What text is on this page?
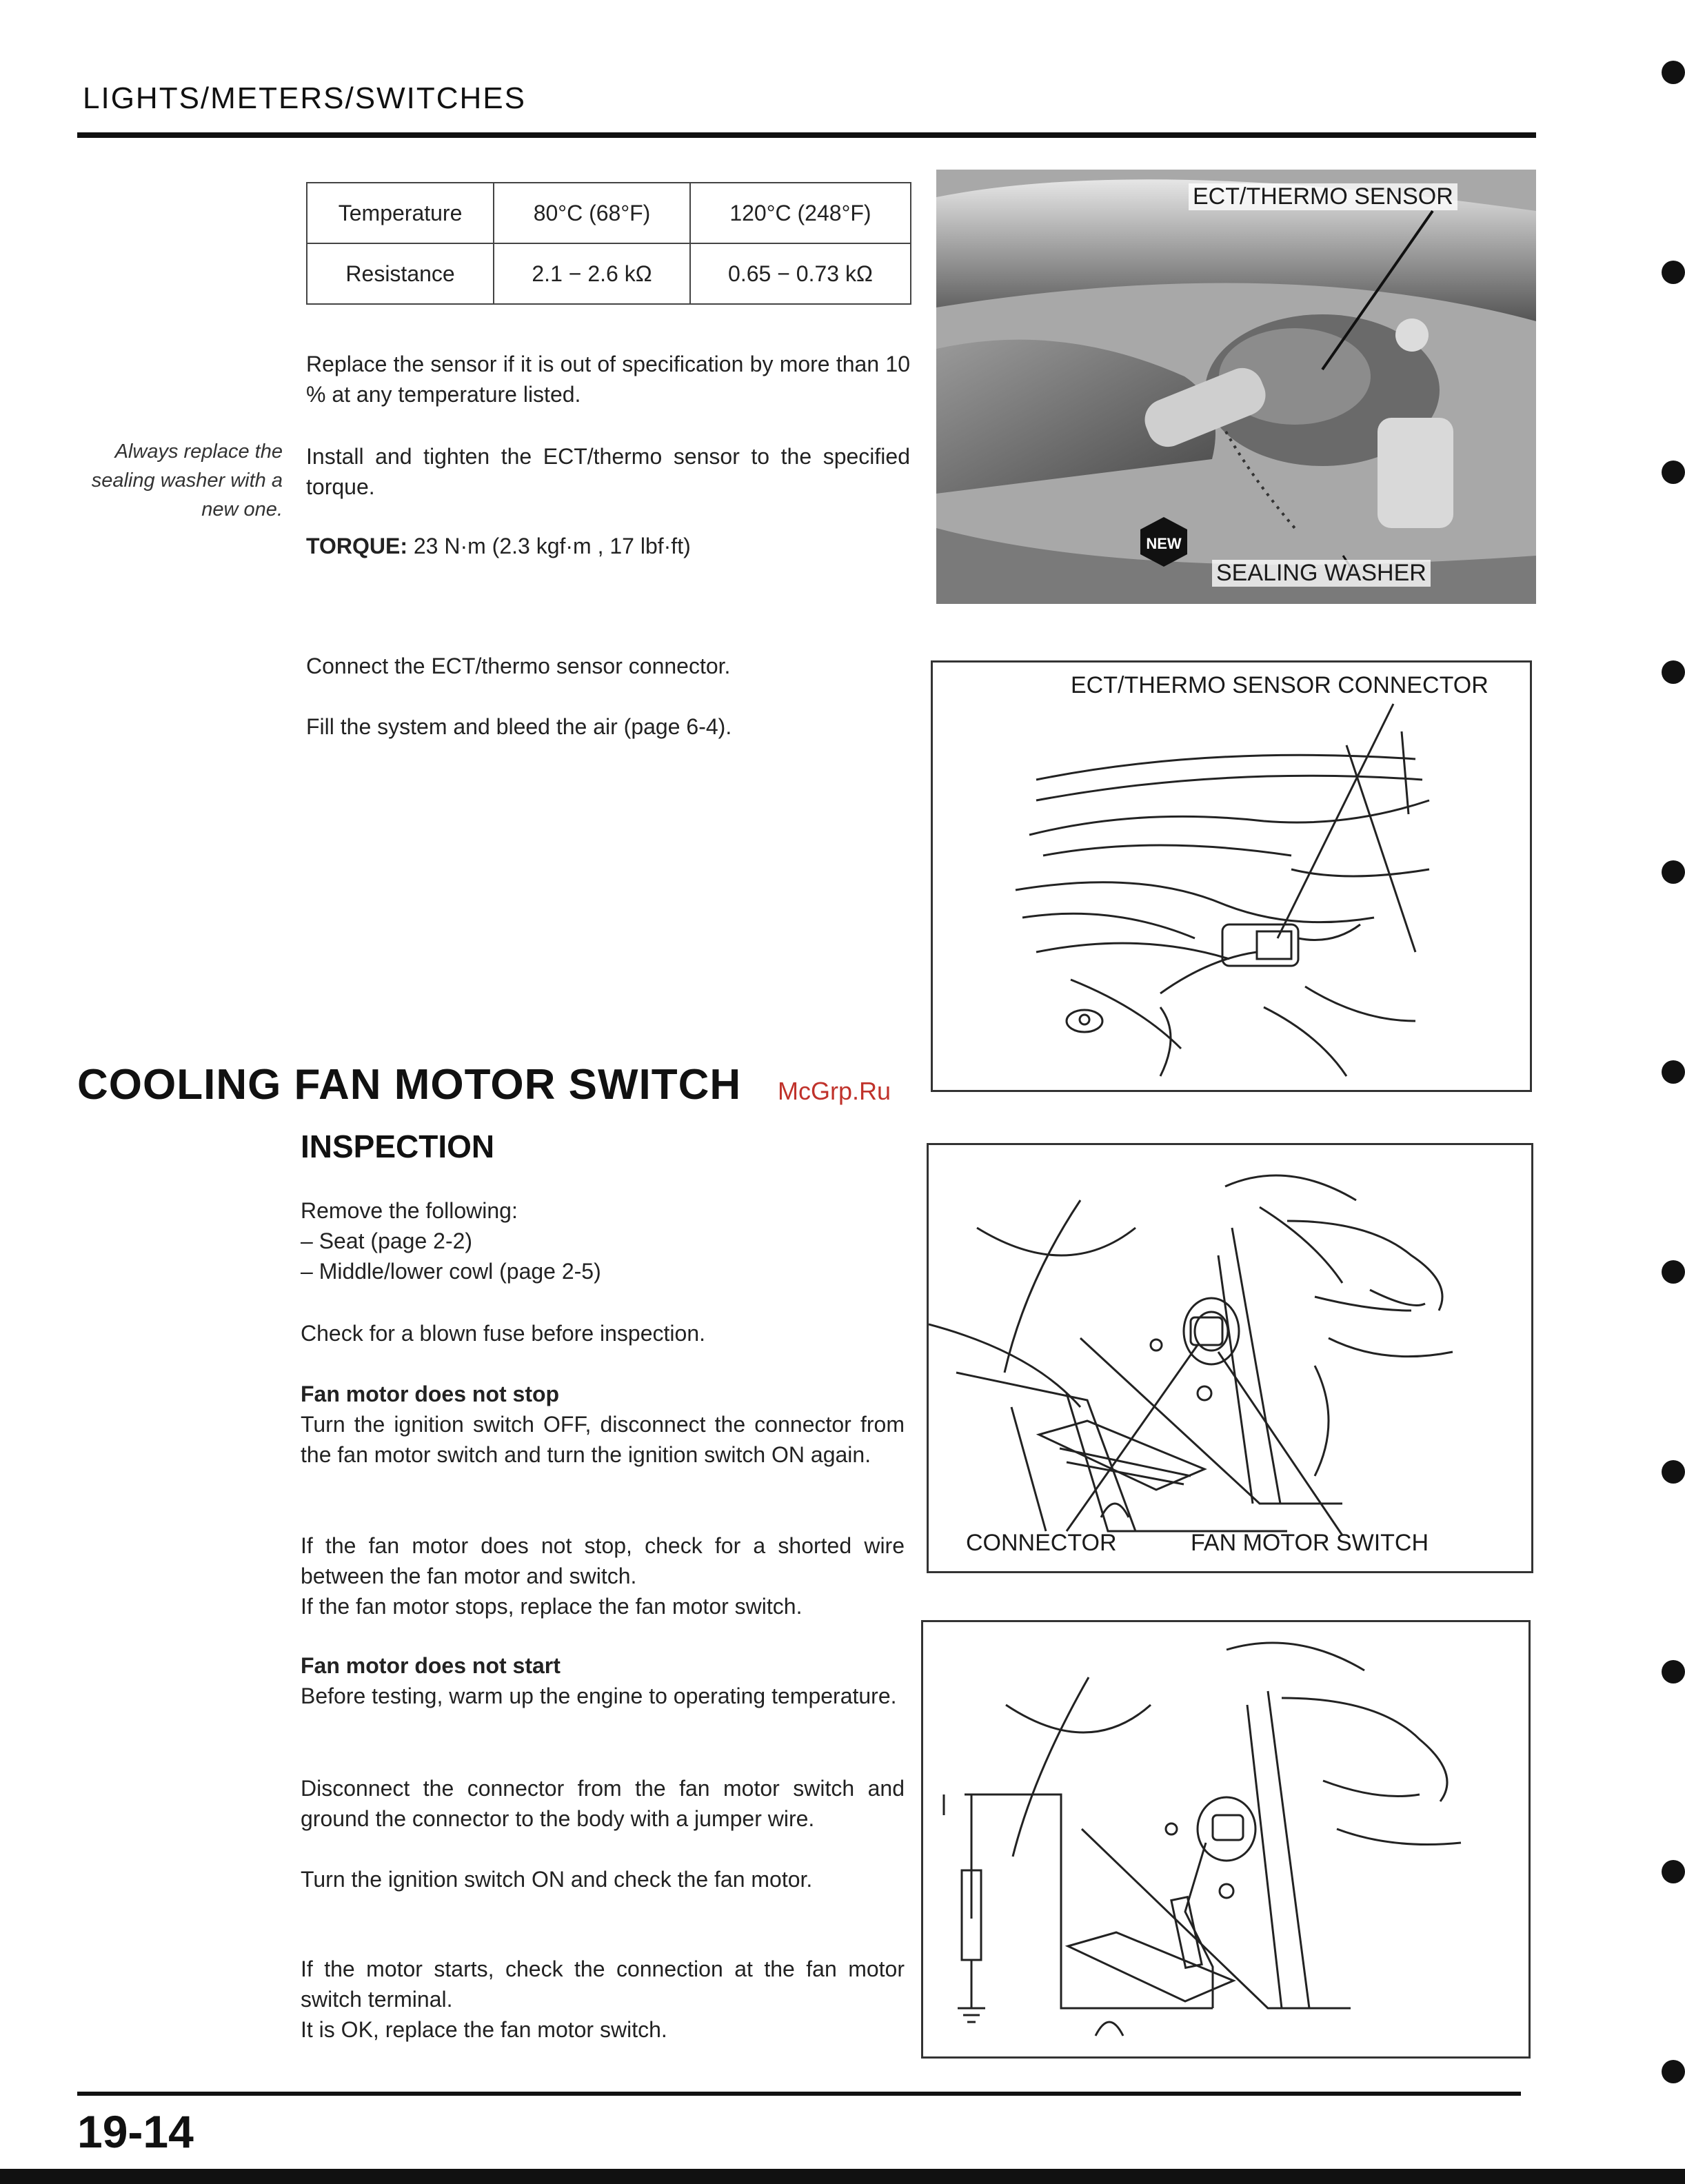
LIGHTS/METERS/SWITCHES
Temperature	80°C (68°F)	120°C (248°F)
Resistance	2.1 − 2.6 kΩ	0.65 − 0.73 kΩ
Replace the sensor if it is out of specification by more than 10 % at any temperature listed.
Always replace the sealing washer with a new one.
Install and tighten the ECT/thermo sensor to the specified torque.
TORQUE: 23 N·m (2.3 kgf·m , 17 lbf·ft)
Connect the ECT/thermo sensor connector.
Fill the system and bleed the air (page 6-4).
NEW
ECT/THERMO SENSOR
SEALING WASHER
ECT/THERMO SENSOR CONNECTOR
COOLING FAN MOTOR SWITCH McGrp.Ru
INSPECTION
Remove the following:
– Seat (page 2-2)
– Middle/lower cowl (page 2-5)
Check for a blown fuse before inspection.
Fan motor does not stop
Turn the ignition switch OFF, disconnect the connector from the fan motor switch and turn the ignition switch ON again.
If the fan motor does not stop, check for a shorted wire between the fan motor and switch.
If the fan motor stops, replace the fan motor switch.
Fan motor does not start
Before testing, warm up the engine to operating temperature.
Disconnect the connector from the fan motor switch and ground the connector to the body with a jumper wire.
Turn the ignition switch ON and check the fan motor.
If the motor starts, check the connection at the fan motor switch terminal.
It is OK, replace the fan motor switch.
CONNECTOR	FAN MOTOR SWITCH
19-14
